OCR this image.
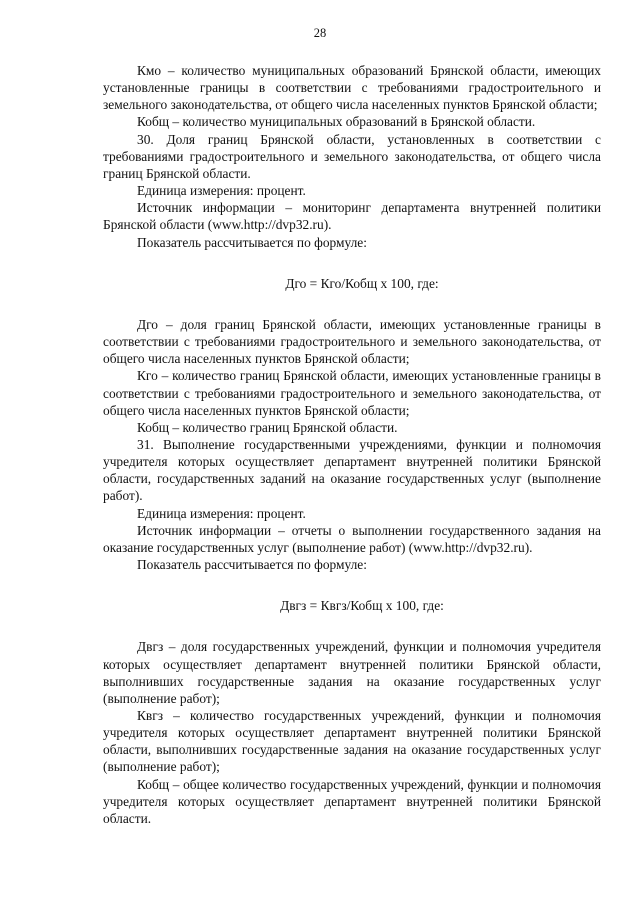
28

Кмо – количество муниципальных образований Брянской области, имеющих установленные границы в соответствии с требованиями градостроительного и земельного законодательства, от общего числа населенных пунктов Брянской области;

Кобщ – количество муниципальных образований в Брянской области.

30. Доля границ Брянской области, установленных в соответствии с требованиями градостроительного и земельного законодательства, от общего числа границ Брянской области.

Единица измерения: процент.

Источник информации – мониторинг департамента внутренней политики Брянской области (www.http://dvp32.ru).

Показатель рассчитывается по формуле:

Дго = Кго/Кобщ x 100, где:

Дго – доля границ Брянской области, имеющих установленные границы в соответствии с требованиями градостроительного и земельного законодательства, от общего числа населенных пунктов Брянской области;

Кго – количество границ Брянской области, имеющих установленные границы в соответствии с требованиями градостроительного и земельного законодательства, от общего числа населенных пунктов Брянской области;

Кобщ – количество границ Брянской области.

31. Выполнение государственными учреждениями, функции и полномочия учредителя которых осуществляет департамент внутренней политики Брянской области, государственных заданий на оказание государственных услуг (выполнение работ).

Единица измерения: процент.

Источник информации – отчеты о выполнении государственного задания на оказание государственных услуг (выполнение работ) (www.http://dvp32.ru).

Показатель рассчитывается по формуле:

Двгз = Квгз/Кобщ x 100, где:

Двгз – доля государственных учреждений, функции и полномочия учредителя которых осуществляет департамент внутренней политики Брянской области, выполнивших государственные задания на оказание государственных услуг (выполнение работ);

Квгз – количество государственных учреждений, функции и полномочия учредителя которых осуществляет департамент внутренней политики Брянской области, выполнивших государственные задания на оказание государственных услуг (выполнение работ);

Кобщ – общее количество государственных учреждений, функции и полномочия учредителя которых осуществляет департамент внутренней политики Брянской области.
